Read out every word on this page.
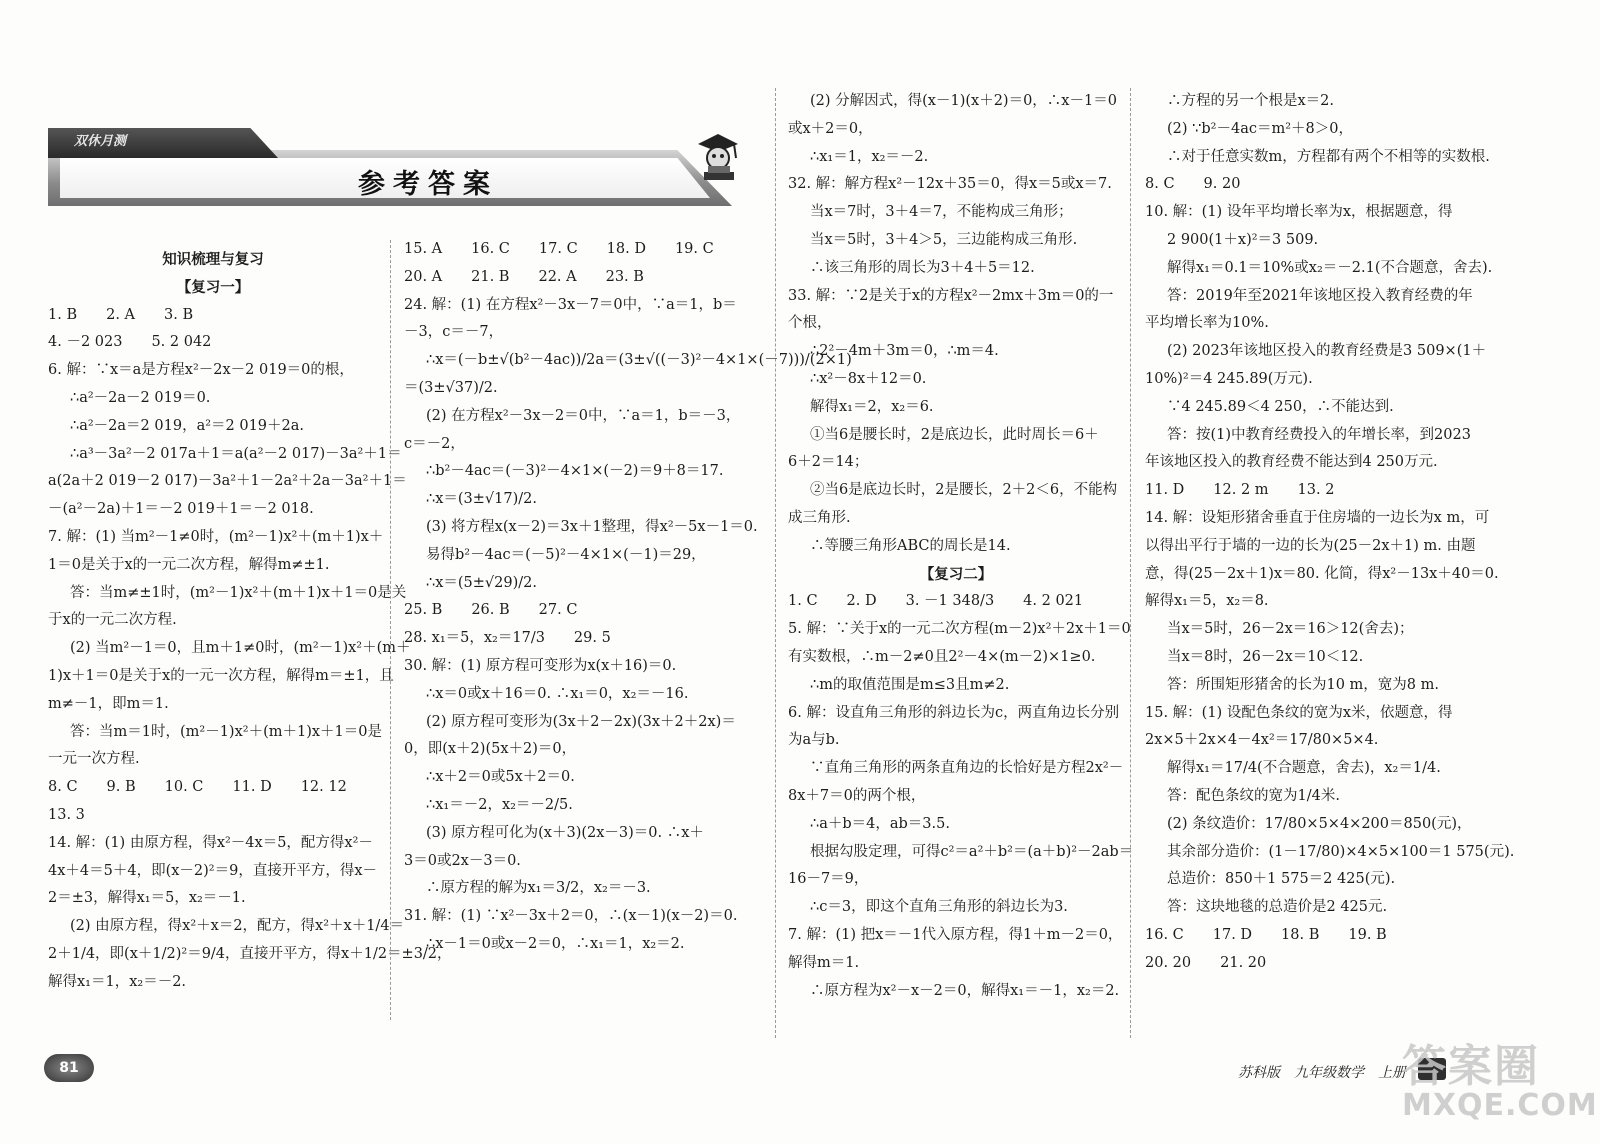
双休月测
参考答案
知识梳理与复习
【复习一】
1. B　　2. A　　3. B
4. －2 023　　5. 2 042
6. 解：∵x＝a是方程x²－2x－2 019＝0的根，
∴a²－2a－2 019＝0.
∴a²－2a＝2 019，a²＝2 019＋2a.
∴a³－3a²－2 017a＋1＝a(a²－2 017)－3a²＋1＝
a(2a＋2 019－2 017)－3a²＋1－2a²＋2a－3a²＋1＝
－(a²－2a)＋1＝－2 019＋1＝－2 018.
7. 解：(1) 当m²－1≠0时，(m²－1)x²＋(m＋1)x＋
1＝0是关于x的一元二次方程，解得m≠±1.
答：当m≠±1时，(m²－1)x²＋(m＋1)x＋1＝0是关
于x的一元二次方程.
(2) 当m²－1＝0，且m＋1≠0时，(m²－1)x²＋(m＋
1)x＋1＝0是关于x的一元一次方程，解得m＝±1，且
m≠－1，即m＝1.
答：当m＝1时，(m²－1)x²＋(m＋1)x＋1＝0是
一元一次方程.
8. C　　9. B　　10. C　　11. D　　12. 12
13. 3
14. 解：(1) 由原方程，得x²－4x＝5，配方得x²－
4x＋4＝5＋4，即(x－2)²＝9，直接开平方，得x－
2＝±3，解得x₁＝5，x₂＝－1.
(2) 由原方程，得x²＋x＝2，配方，得x²＋x＋1/4＝
2＋1/4，即(x＋1/2)²＝9/4，直接开平方，得x＋1/2＝±3/2，
解得x₁＝1，x₂＝－2.
15. A　　16. C　　17. C　　18. D　　19. C
20. A　　21. B　　22. A　　23. B
24. 解：(1) 在方程x²－3x－7＝0中，∵a＝1，b＝
－3，c＝－7，
∴x＝(－b±√(b²－4ac))/2a＝(3±√((－3)²－4×1×(－7)))/(2×1)
＝(3±√37)/2.
(2) 在方程x²－3x－2＝0中，∵a＝1，b＝－3，
c＝－2，
∴b²－4ac＝(－3)²－4×1×(－2)＝9＋8＝17.
∴x＝(3±√17)/2.
(3) 将方程x(x－2)＝3x＋1整理，得x²－5x－1＝0.
易得b²－4ac＝(－5)²－4×1×(－1)＝29，
∴x＝(5±√29)/2.
25. B　　26. B　　27. C
28. x₁＝5，x₂＝17/3　　29. 5
30. 解：(1) 原方程可变形为x(x＋16)＝0.
∴x＝0或x＋16＝0. ∴x₁＝0，x₂＝－16.
(2) 原方程可变形为(3x＋2－2x)(3x＋2＋2x)＝
0，即(x＋2)(5x＋2)＝0，
∴x＋2＝0或5x＋2＝0.
∴x₁＝－2，x₂＝－2/5.
(3) 原方程可化为(x＋3)(2x－3)＝0. ∴x＋
3＝0或2x－3＝0.
∴原方程的解为x₁＝3/2，x₂＝－3.
31. 解：(1) ∵x²－3x＋2＝0，∴(x－1)(x－2)＝0.
∴x－1＝0或x－2＝0，∴x₁＝1，x₂＝2.
(2) 分解因式，得(x－1)(x＋2)＝0，∴x－1＝0
或x＋2＝0，
∴x₁＝1，x₂＝－2.
32. 解：解方程x²－12x＋35＝0，得x＝5或x＝7.
当x＝7时，3＋4＝7，不能构成三角形；
当x＝5时，3＋4＞5，三边能构成三角形.
∴该三角形的周长为3＋4＋5＝12.
33. 解：∵2是关于x的方程x²－2mx＋3m＝0的一
个根，
∴2²－4m＋3m＝0，∴m＝4.
∴x²－8x＋12＝0.
解得x₁＝2，x₂＝6.
①当6是腰长时，2是底边长，此时周长＝6＋
6＋2＝14；
②当6是底边长时，2是腰长，2＋2＜6，不能构
成三角形.
∴等腰三角形ABC的周长是14.
【复习二】
1. C　　2. D　　3. －1 348/3　　4. 2 021
5. 解：∵关于x的一元二次方程(m－2)x²＋2x＋1＝0
有实数根，∴m－2≠0且2²－4×(m－2)×1≥0.
∴m的取值范围是m≤3且m≠2.
6. 解：设直角三角形的斜边长为c，两直角边长分别
为a与b.
∵直角三角形的两条直角边的长恰好是方程2x²－
8x＋7＝0的两个根，
∴a＋b＝4，ab＝3.5.
根据勾股定理，可得c²＝a²＋b²＝(a＋b)²－2ab＝
16－7＝9，
∴c＝3，即这个直角三角形的斜边长为3.
7. 解：(1) 把x＝－1代入原方程，得1＋m－2＝0，
解得m＝1.
∴原方程为x²－x－2＝0，解得x₁＝－1，x₂＝2.
∴方程的另一个根是x＝2.
(2) ∵b²－4ac＝m²＋8＞0，
∴对于任意实数m，方程都有两个不相等的实数根.
8. C　　9. 20
10. 解：(1) 设年平均增长率为x，根据题意，得
2 900(1＋x)²＝3 509.
解得x₁＝0.1＝10%或x₂＝－2.1(不合题意，舍去).
答：2019年至2021年该地区投入教育经费的年
平均增长率为10%.
(2) 2023年该地区投入的教育经费是3 509×(1＋
10%)²＝4 245.89(万元).
∵4 245.89＜4 250，∴不能达到.
答：按(1)中教育经费投入的年增长率，到2023
年该地区投入的教育经费不能达到4 250万元.
11. D　　12. 2 m　　13. 2
14. 解：设矩形猪舍垂直于住房墙的一边长为x m，可
以得出平行于墙的一边的长为(25－2x＋1) m. 由题
意，得(25－2x＋1)x＝80. 化简，得x²－13x＋40＝0.
解得x₁＝5，x₂＝8.
当x＝5时，26－2x＝16＞12(舍去)；
当x＝8时，26－2x＝10＜12.
答：所围矩形猪舍的长为10 m，宽为8 m.
15. 解：(1) 设配色条纹的宽为x米，依题意，得
2x×5＋2x×4－4x²＝17/80×5×4.
解得x₁＝17/4(不合题意，舍去)，x₂＝1/4.
答：配色条纹的宽为1/4米.
(2) 条纹造价：17/80×5×4×200＝850(元)，
其余部分造价：(1－17/80)×4×5×100＝1 575(元).
总造价：850＋1 575＝2 425(元).
答：这块地毯的总造价是2 425元.
16. C　　17. D　　18. B　　19. B
20. 20　　21. 20
81	苏科版　九年级数学　上册
答案圈
MXQE.COM
